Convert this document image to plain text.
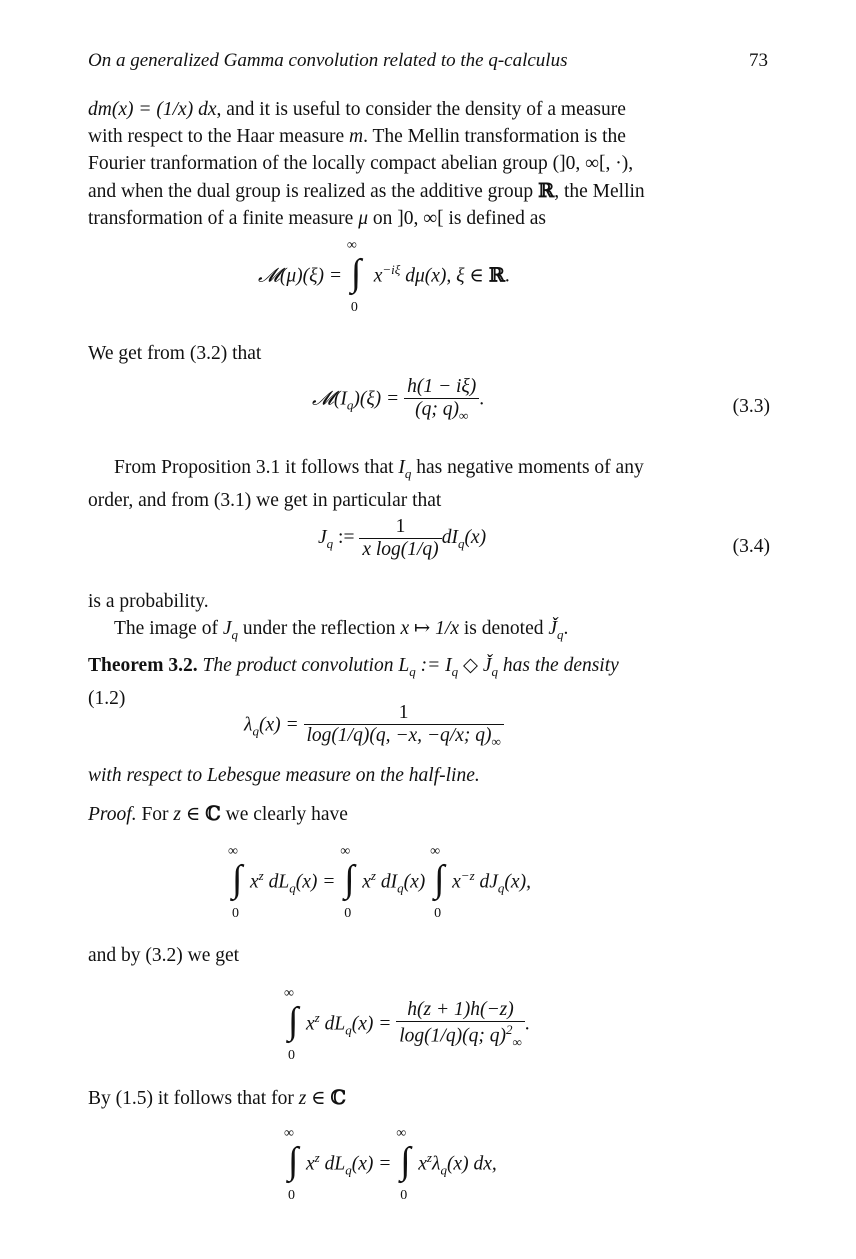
On a generalized Gamma convolution related to the q-calculus	73
dm(x) = (1/x) dx, and it is useful to consider the density of a measure
with respect to the Haar measure m. The Mellin transformation is the
Fourier tranformation of the locally compact abelian group (]0, ∞[, ·),
and when the dual group is realized as the additive group ℝ, the Mellin
transformation of a finite measure μ on ]0, ∞[ is defined as
𝓜(μ)(ξ) =
∞
∫
0
$x^{-i\xi}$ dμ(x), ξ ∈ ℝ.
We get from (3.2) that
$𝓜(I_q)(\xi) = \frac{h(1 - i\xi)}{(q; q)_\infty}$ .	(3.3)
From Proposition 3.1 it follows that $I_q$ has negative moments of any
order, and from (3.1) we get in particular that
$J_q$ := $\frac{1}{\text{x log(1/q)}} dI_q(x)$	(3.4)
is a probability.
The image of $J_q$ under the reflection x ↦ 1/x is denoted $J̌_q$.
Theorem 3.2. The product convolution $L_q$ := $I_q$ ◇ $J̌_q$ has the density
(1.2)
$\lambda_q(x) = \frac{1}{\log(1/q)(q, -x, -q/x; q)_\infty}$
with respect to Lebesgue measure on the half-line.
Proof. For z ∈ ℂ we clearly have
∞
∫
0
$x^z$ $dL_q(x)$ =
∞
∫
0
$x^z$ $dI_q(x)$
∞
∫
0
$x^{-z}$ $dJ_q(x)$,
and by (3.2) we get
∞
∫
0
$x^z$ $dL_q(x) = \frac{h(z + 1)h(-z)}{\log(1/q)(q; q)^2_\infty}$ .
By (1.5) it follows that for z ∈ ℂ
∞
∫
0
$x^z$ $dL_q(x)$ =
∞
∫
0
$x^z\lambda_q(x)$ dx,
